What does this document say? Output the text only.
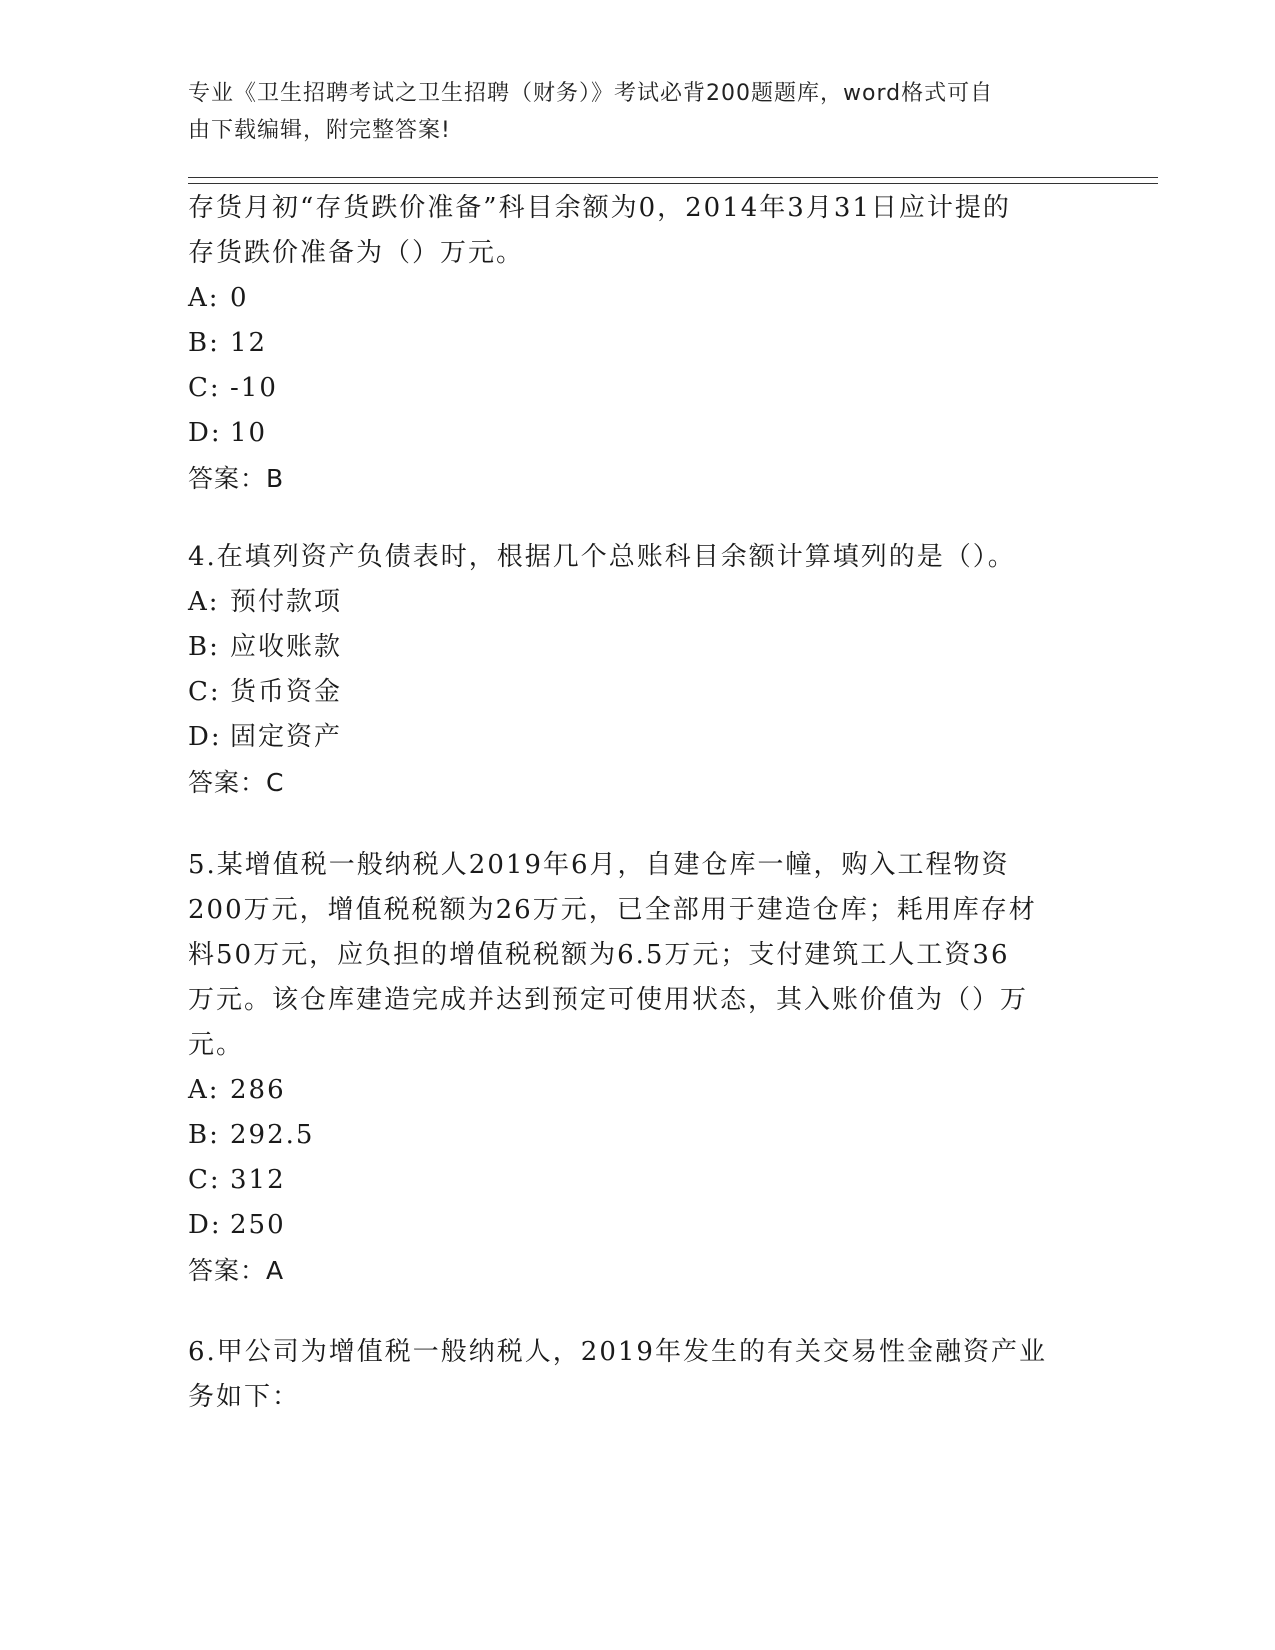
专业《卫生招聘考试之卫生招聘（财务）》考试必背200题题库，word格式可自
由下载编辑，附完整答案!

存货月初“存货跌价准备”科目余额为0，2014年3月31日应计提的

存货跌价准备为（）万元。

A: 0

B: 12

C: -10

D: 10

答案：B

4.在填列资产负债表时，根据几个总账科目余额计算填列的是（）。

A: 预付款项

B: 应收账款

C: 货币资金

D: 固定资产

答案：C

5.某增值税一般纳税人2019年6月，自建仓库一幢，购入工程物资

200万元，增值税税额为26万元，已全部用于建造仓库；耗用库存材

料50万元，应负担的增值税税额为6.5万元；支付建筑工人工资36

万元。该仓库建造完成并达到预定可使用状态，其入账价值为（）万

元。

A: 286

B: 292.5

C: 312

D: 250

答案：A

6.甲公司为增值税一般纳税人，2019年发生的有关交易性金融资产业

务如下：
